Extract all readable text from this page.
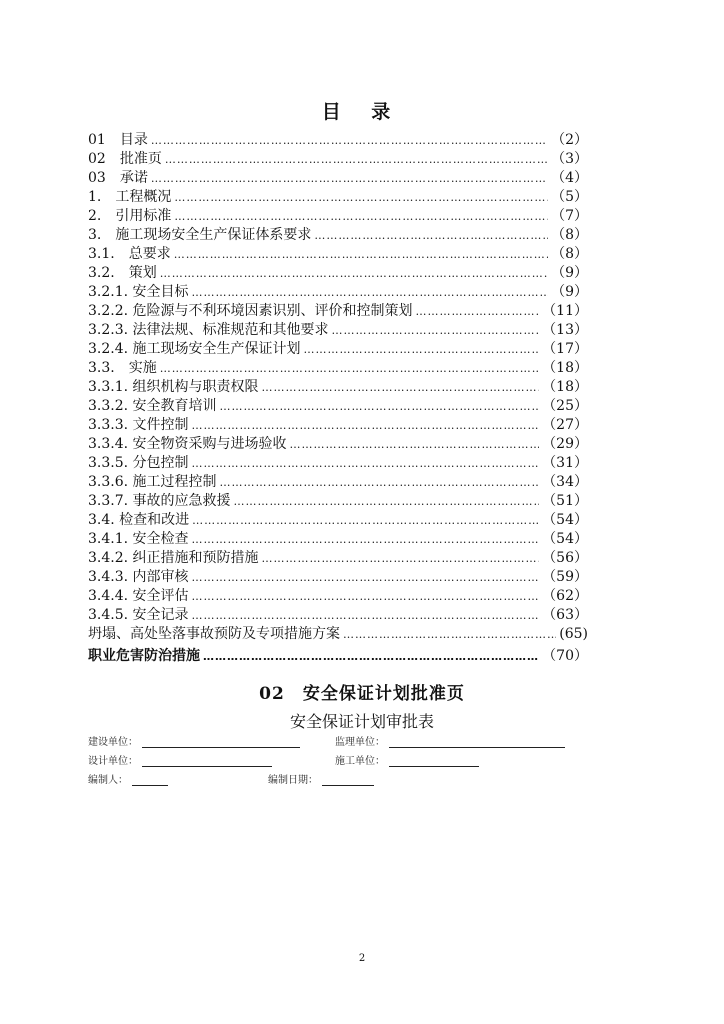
目 录
01　目录 ……………………………………………………………………………………………………………………………………………………………………………………………………	（2）
02　批准页 ……………………………………………………………………………………………………………………………………………………………………………………………………	（3）
03　承诺 ……………………………………………………………………………………………………………………………………………………………………………………………………	（4）
1.　工程概况 ……………………………………………………………………………………………………………………………………………………………………………………………………	（5）
2.　引用标准 ……………………………………………………………………………………………………………………………………………………………………………………………………	（7）
3.　施工现场安全生产保证体系要求 ……………………………………………………………………………………………………………………………………………………………………………………………………	（8）
3.1.　总要求 ……………………………………………………………………………………………………………………………………………………………………………………………………	（8）
3.2.　策划 ……………………………………………………………………………………………………………………………………………………………………………………………………	（9）
3.2.1. 安全目标 ……………………………………………………………………………………………………………………………………………………………………………………………………	（9）
3.2.2. 危险源与不利环境因素识别、评价和控制策划 ……………………………………………………………………………………………………………………………………………………………………………………………………	（11）
3.2.3. 法律法规、标准规范和其他要求 ……………………………………………………………………………………………………………………………………………………………………………………………………	（13）
3.2.4. 施工现场安全生产保证计划 ……………………………………………………………………………………………………………………………………………………………………………………………………	（17）
3.3.　实施 ……………………………………………………………………………………………………………………………………………………………………………………………………	（18）
3.3.1. 组织机构与职责权限 ……………………………………………………………………………………………………………………………………………………………………………………………………	（18）
3.3.2. 安全教育培训 ……………………………………………………………………………………………………………………………………………………………………………………………………	（25）
3.3.3. 文件控制 ……………………………………………………………………………………………………………………………………………………………………………………………………	（27）
3.3.4. 安全物资采购与进场验收 ……………………………………………………………………………………………………………………………………………………………………………………………………	（29）
3.3.5. 分包控制 ……………………………………………………………………………………………………………………………………………………………………………………………………	（31）
3.3.6. 施工过程控制 ……………………………………………………………………………………………………………………………………………………………………………………………………	（34）
3.3.7. 事故的应急救援 ……………………………………………………………………………………………………………………………………………………………………………………………………	（51）
3.4. 检查和改进 ……………………………………………………………………………………………………………………………………………………………………………………………………	（54）
3.4.1. 安全检查 ……………………………………………………………………………………………………………………………………………………………………………………………………	（54）
3.4.2. 纠正措施和预防措施 ……………………………………………………………………………………………………………………………………………………………………………………………………	（56）
3.4.3. 内部审核 ……………………………………………………………………………………………………………………………………………………………………………………………………	（59）
3.4.4. 安全评估 ……………………………………………………………………………………………………………………………………………………………………………………………………	（62）
3.4.5. 安全记录 ……………………………………………………………………………………………………………………………………………………………………………………………………	（63）
坍塌、高处坠落事故预防及专项措施方案 ……………………………………………………………………………………………………………………………………………………………………………………………………	(65)
职业危害防治措施 ……………………………………………………………………………………………………………………………………………………………………………………………………	（70）
02　安全保证计划批准页
安全保证计划审批表
建设单位：	监理单位：
设计单位：	施工单位：
编制人：	编制日期：
2
